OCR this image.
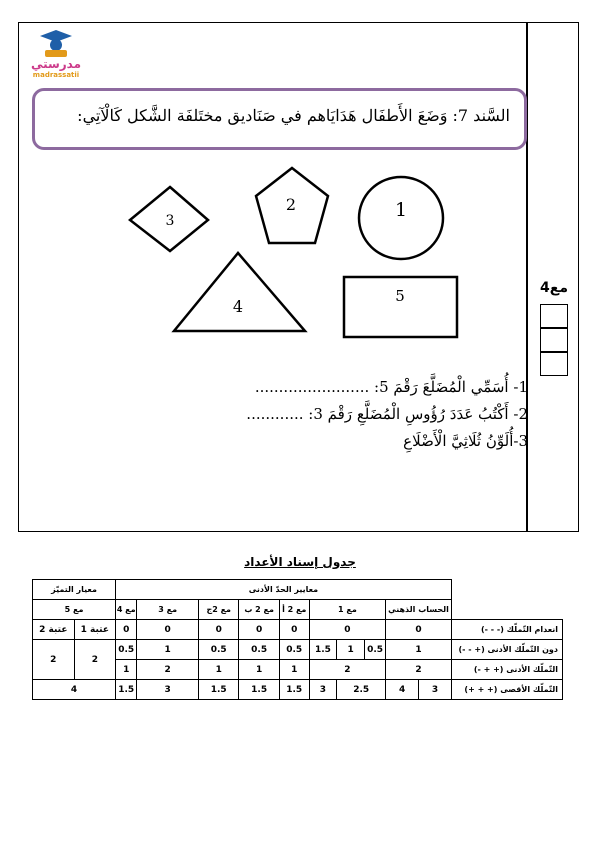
مدرستي
madrassatii
السَّند 7: وَضَعَ الأَطفَال هَدَايَاهم في صَنَاديق مختَلفَة الشَّكل كَالْآتِي:
3
2	1
4
5
1- أُسَمِّي الْمُضَلَّعَ رَقْمَ 5: ........................
2- أَكْتُبُ عَدَدَ رُؤُوسِ الْمُضَلَّعِ رَقْمَ 3: ............
3-أُلَوِّنُ ثُلَاثِيَّ الْأَضْلَاعِ
مع4
جدول إسناد الأعداد
	معايير الحدّ الأدنى										معيار التميّز	
	الحساب الذهني		مع 1			مع 2 أ	مع 2 ب	مع 2ج	مع 3	مع 4	مع 5	
انعدام التّملّك (- - -)	0		0			0	0	0	0	0	عتبة 1	عتبة 2
دون التّملّك الأدنى (+ - -)	1		0.5	1	1.5	0.5	0.5	0.5	1	0.5	2	2
التّملّك الأدنى (+ + -)	2		2			1	1	1	2	1		
التّملّك الأقصى (+ + +)	3	4	2.5		3	1.5	1.5	1.5	3	1.5	4	
